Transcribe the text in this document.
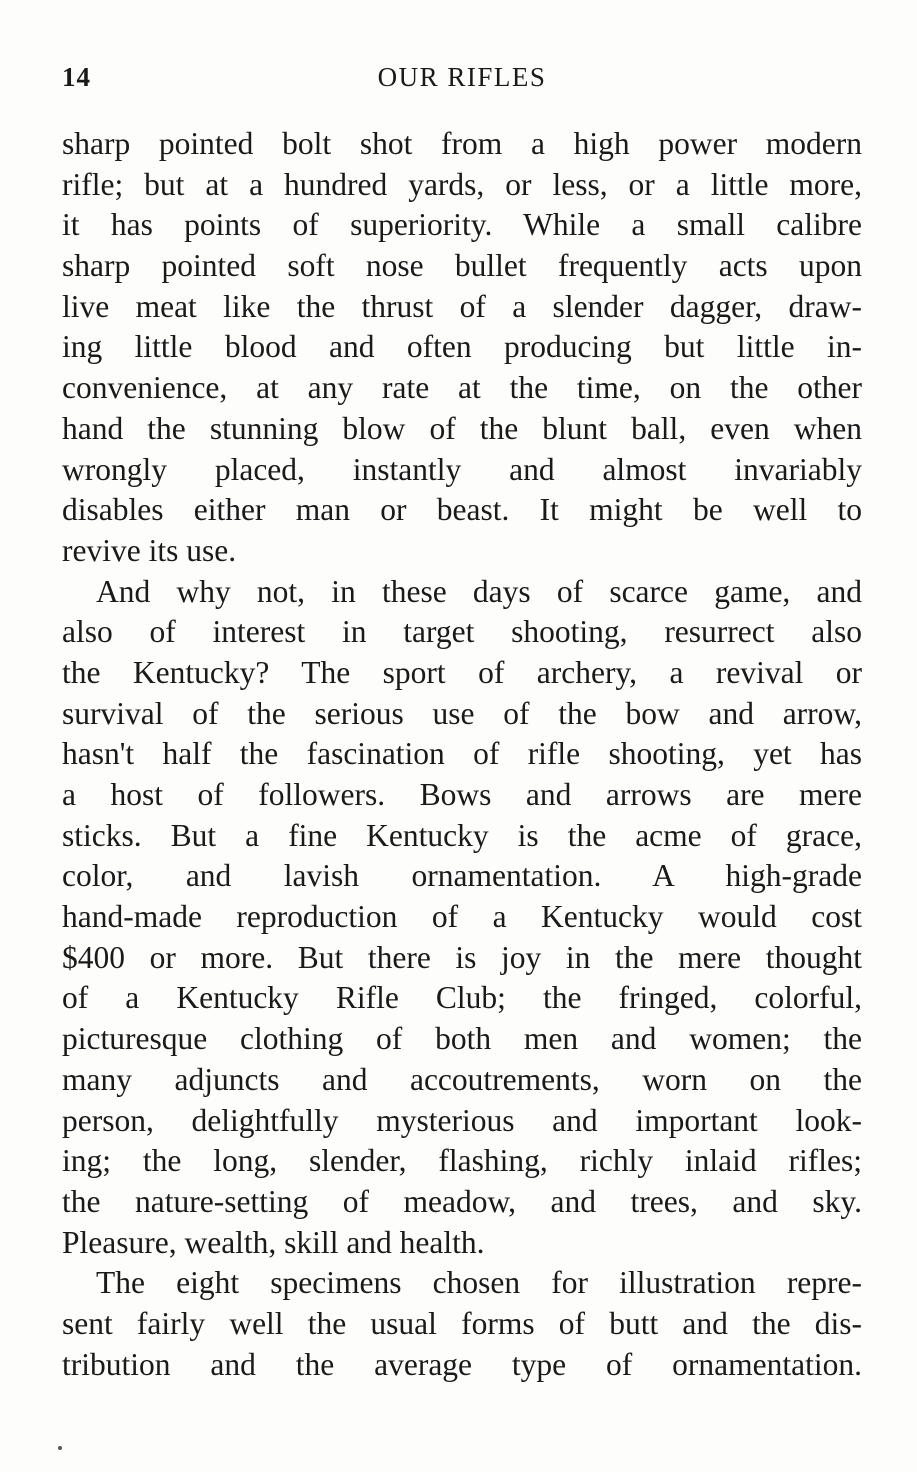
14	OUR RIFLES
sharp pointed bolt shot from a high power modern
rifle; but at a hundred yards, or less, or a little more,
it has points of superiority. While a small calibre
sharp pointed soft nose bullet frequently acts upon
live meat like the thrust of a slender dagger, draw-
ing little blood and often producing but little in-
convenience, at any rate at the time, on the other
hand the stunning blow of the blunt ball, even when
wrongly placed, instantly and almost invariably
disables either man or beast. It might be well to
revive its use.
And why not, in these days of scarce game, and
also of interest in target shooting, resurrect also
the Kentucky? The sport of archery, a revival or
survival of the serious use of the bow and arrow,
hasn't half the fascination of rifle shooting, yet has
a host of followers. Bows and arrows are mere
sticks. But a fine Kentucky is the acme of grace,
color, and lavish ornamentation. A high-grade
hand-made reproduction of a Kentucky would cost
$400 or more. But there is joy in the mere thought
of a Kentucky Rifle Club; the fringed, colorful,
picturesque clothing of both men and women; the
many adjuncts and accoutrements, worn on the
person, delightfully mysterious and important look-
ing; the long, slender, flashing, richly inlaid rifles;
the nature-setting of meadow, and trees, and sky.
Pleasure, wealth, skill and health.
The eight specimens chosen for illustration repre-
sent fairly well the usual forms of butt and the dis-
tribution and the average type of ornamentation.
